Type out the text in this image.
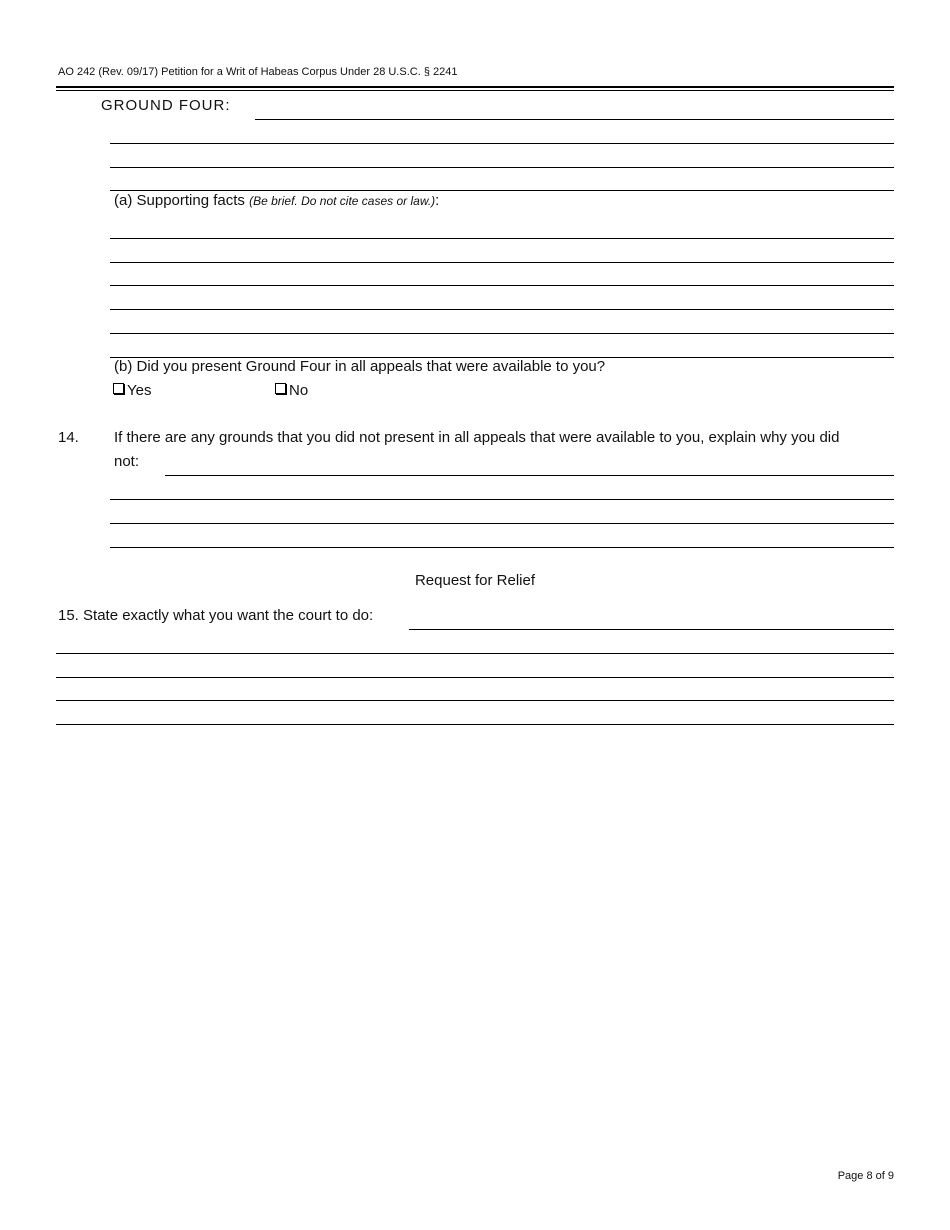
AO 242 (Rev. 09/17) Petition for a Writ of Habeas Corpus Under 28 U.S.C. § 2241
GROUND FOUR:
(a) Supporting facts (Be brief. Do not cite cases or law.):
(b) Did you present Ground Four in all appeals that were available to you?
Yes	No
14. If there are any grounds that you did not present in all appeals that were available to you, explain why you did
not:
Request for Relief
15. State exactly what you want the court to do:
Page 8 of 9
